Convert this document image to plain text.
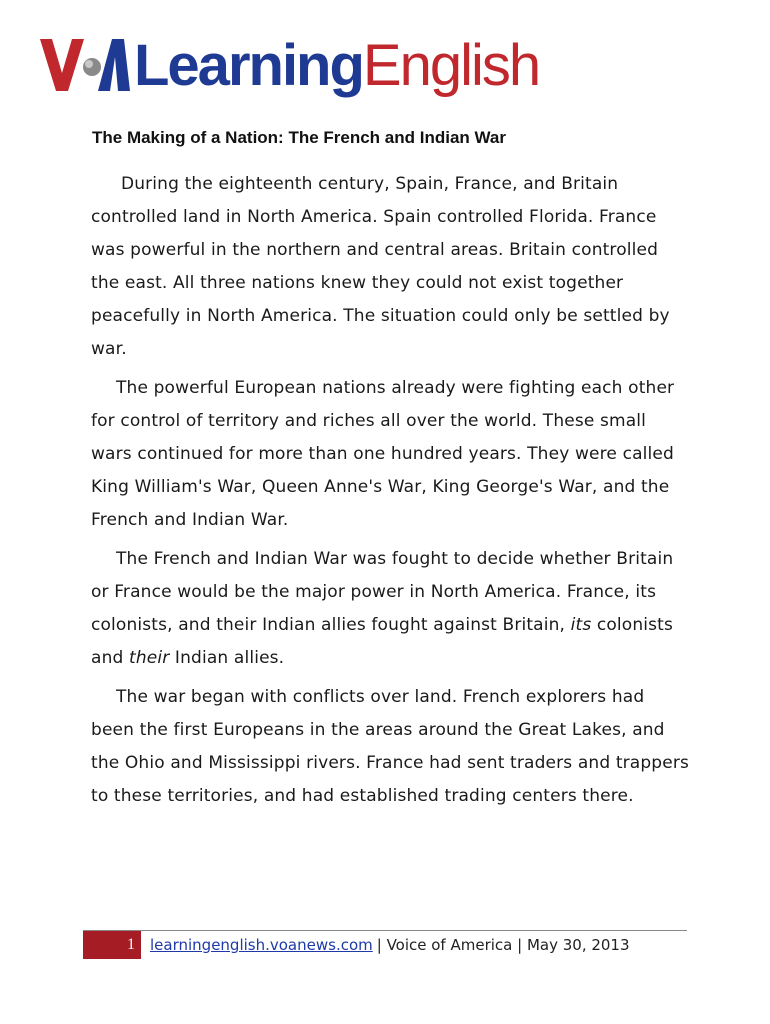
LearningEnglish
The Making of a Nation: The French and Indian War

During the eighteenth century, Spain, France, and Britain controlled land in North America. Spain controlled Florida. France was powerful in the northern and central areas. Britain controlled the east. All three nations knew they could not exist together peacefully in North America. The situation could only be settled by war.

The powerful European nations already were fighting each other for control of territory and riches all over the world. These small wars continued for more than one hundred years. They were called King William's War, Queen Anne's War, King George's War, and the French and Indian War.

The French and Indian War was fought to decide whether Britain or France would be the major power in North America. France, its colonists, and their Indian allies fought against Britain, its colonists and their Indian allies.

The war began with conflicts over land. French explorers had been the first Europeans in the areas around the Great Lakes, and the Ohio and Mississippi rivers. France had sent traders and trappers to these territories, and had established trading centers there.

1	learningenglish.voanews.com | Voice of America | May 30, 2013
